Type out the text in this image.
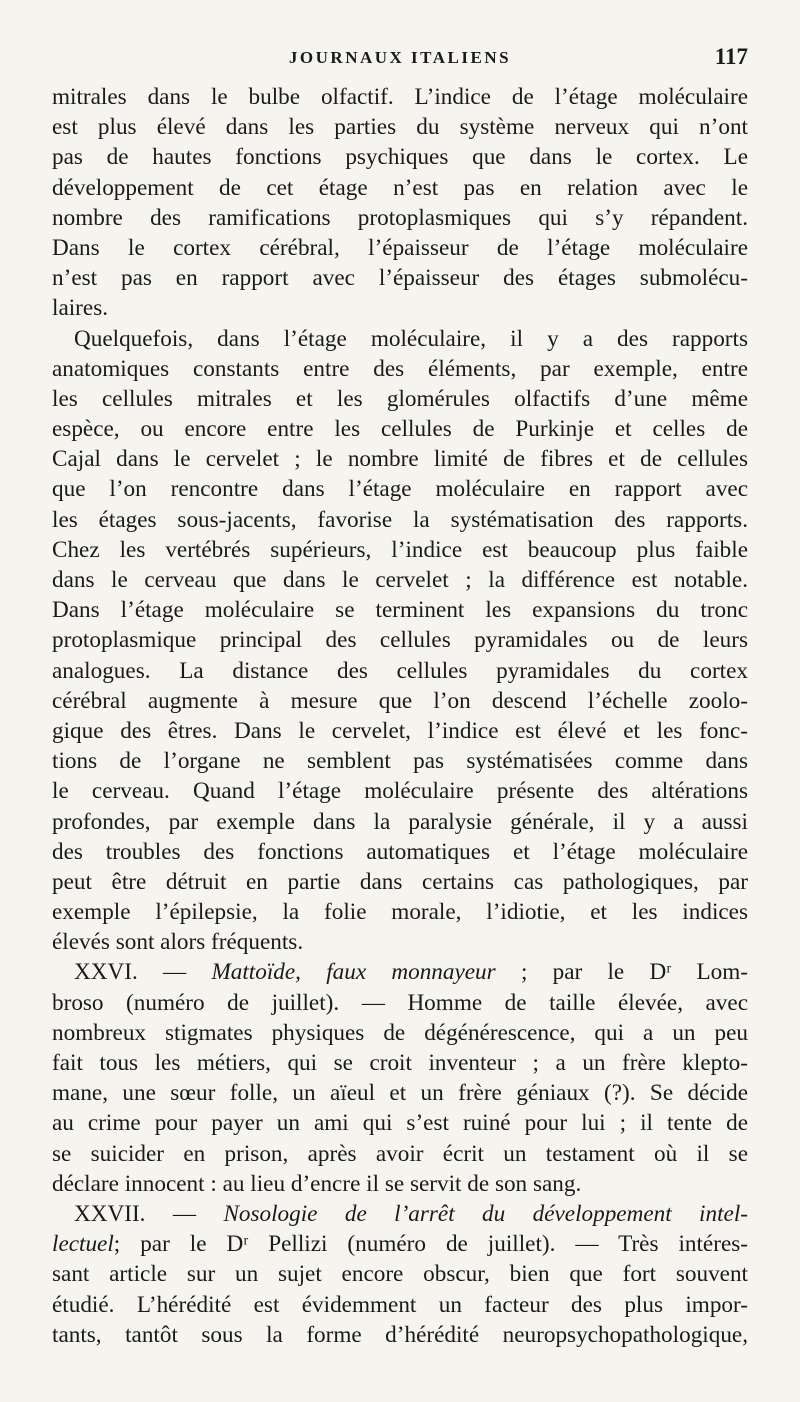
JOURNAUX ITALIENS	117
mitrales dans le bulbe olfactif. L’indice de l’étage moléculaire
est plus élevé dans les parties du système nerveux qui n’ont
pas de hautes fonctions psychiques que dans le cortex. Le
développement de cet étage n’est pas en relation avec le
nombre des ramifications protoplasmiques qui s’y répandent.
Dans le cortex cérébral, l’épaisseur de l’étage moléculaire
n’est pas en rapport avec l’épaisseur des étages submolécu-
laires.
Quelquefois, dans l’étage moléculaire, il y a des rapports
anatomiques constants entre des éléments, par exemple, entre
les cellules mitrales et les glomérules olfactifs d’une même
espèce, ou encore entre les cellules de Purkinje et celles de
Cajal dans le cervelet ; le nombre limité de fibres et de cellules
que l’on rencontre dans l’étage moléculaire en rapport avec
les étages sous-jacents, favorise la systématisation des rapports.
Chez les vertébrés supérieurs, l’indice est beaucoup plus faible
dans le cerveau que dans le cervelet ; la différence est notable.
Dans l’étage moléculaire se terminent les expansions du tronc
protoplasmique principal des cellules pyramidales ou de leurs
analogues. La distance des cellules pyramidales du cortex
cérébral augmente à mesure que l’on descend l’échelle zoolo-
gique des êtres. Dans le cervelet, l’indice est élevé et les fonc-
tions de l’organe ne semblent pas systématisées comme dans
le cerveau. Quand l’étage moléculaire présente des altérations
profondes, par exemple dans la paralysie générale, il y a aussi
des troubles des fonctions automatiques et l’étage moléculaire
peut être détruit en partie dans certains cas pathologiques, par
exemple l’épilepsie, la folie morale, l’idiotie, et les indices
élevés sont alors fréquents.
XXVI. — Mattoïde, faux monnayeur ; par le Dʳ Lom-
broso (numéro de juillet). — Homme de taille élevée, avec
nombreux stigmates physiques de dégénérescence, qui a un peu
fait tous les métiers, qui se croit inventeur ; a un frère klepto-
mane, une sœur folle, un aïeul et un frère géniaux (?). Se décide
au crime pour payer un ami qui s’est ruiné pour lui ; il tente de
se suicider en prison, après avoir écrit un testament où il se
déclare innocent : au lieu d’encre il se servit de son sang.
XXVII. — Nosologie de l’arrêt du développement intel-
lectuel; par le Dʳ Pellizi (numéro de juillet). — Très intéres-
sant article sur un sujet encore obscur, bien que fort souvent
étudié. L’hérédité est évidemment un facteur des plus impor-
tants, tantôt sous la forme d’hérédité neuropsychopathologique,
